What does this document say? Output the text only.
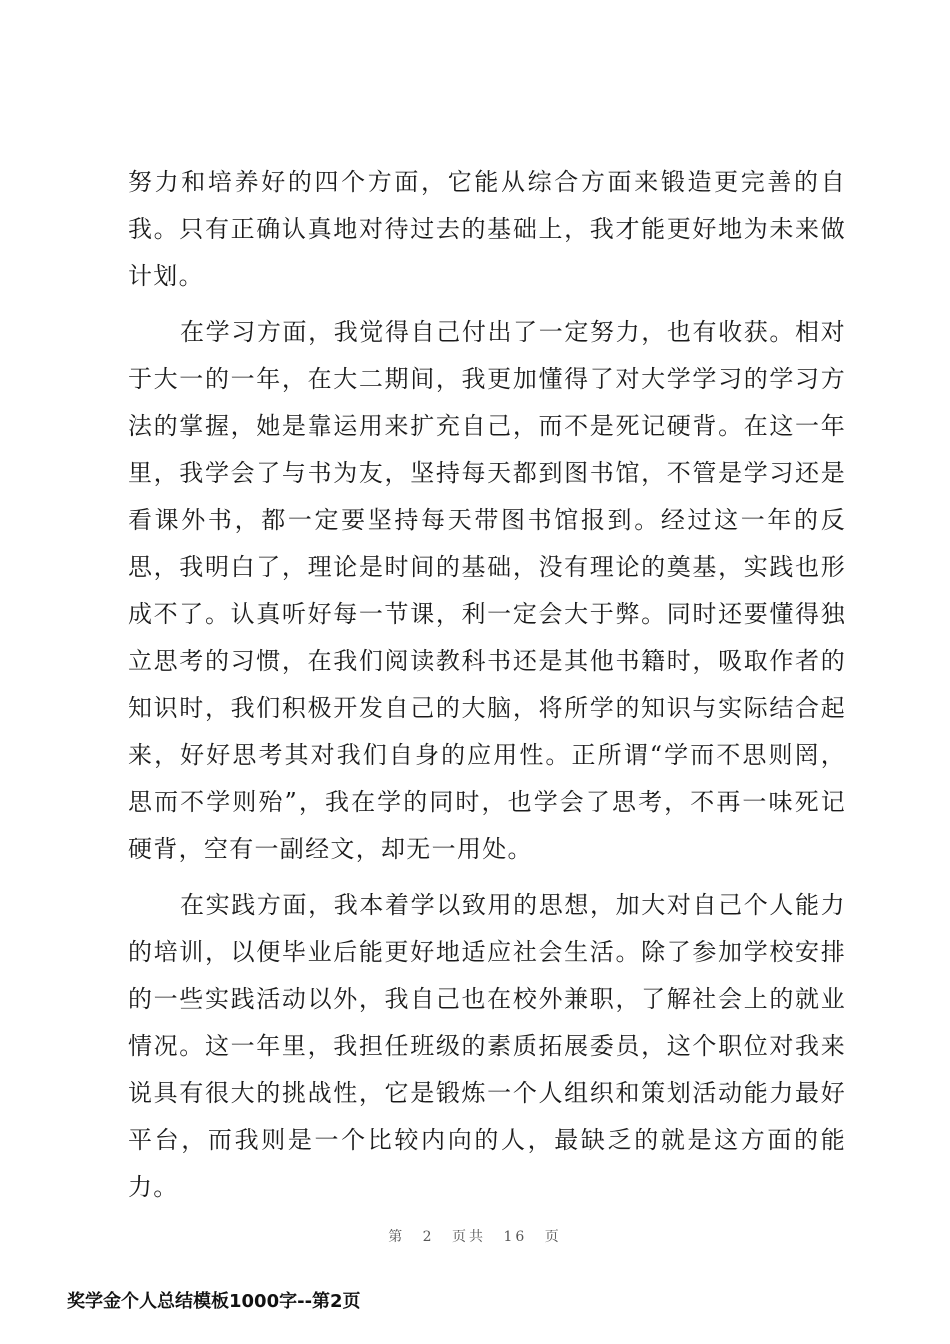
努力和培养好的四个方面，它能从综合方面来锻造更完善的自我。只有正确认真地对待过去的基础上，我才能更好地为未来做计划。

在学习方面，我觉得自己付出了一定努力，也有收获。相对于大一的一年，在大二期间，我更加懂得了对大学学习的学习方法的掌握，她是靠运用来扩充自己，而不是死记硬背。在这一年里，我学会了与书为友，坚持每天都到图书馆，不管是学习还是看课外书，都一定要坚持每天带图书馆报到。经过这一年的反思，我明白了，理论是时间的基础，没有理论的奠基，实践也形成不了。认真听好每一节课，利一定会大于弊。同时还要懂得独立思考的习惯，在我们阅读教科书还是其他书籍时，吸取作者的知识时，我们积极开发自己的大脑，将所学的知识与实际结合起来，好好思考其对我们自身的应用性。正所谓“学而不思则罔，思而不学则殆”，我在学的同时，也学会了思考，不再一味死记硬背，空有一副经文，却无一用处。

在实践方面，我本着学以致用的思想，加大对自己个人能力的培训，以便毕业后能更好地适应社会生活。除了参加学校安排的一些实践活动以外，我自己也在校外兼职，了解社会上的就业情况。这一年里，我担任班级的素质拓展委员，这个职位对我来说具有很大的挑战性，它是锻炼一个人组织和策划活动能力最好平台，而我则是一个比较内向的人，最缺乏的就是这方面的能力。

第 2 页共 16 页
奖学金个人总结模板1000字--第2页
